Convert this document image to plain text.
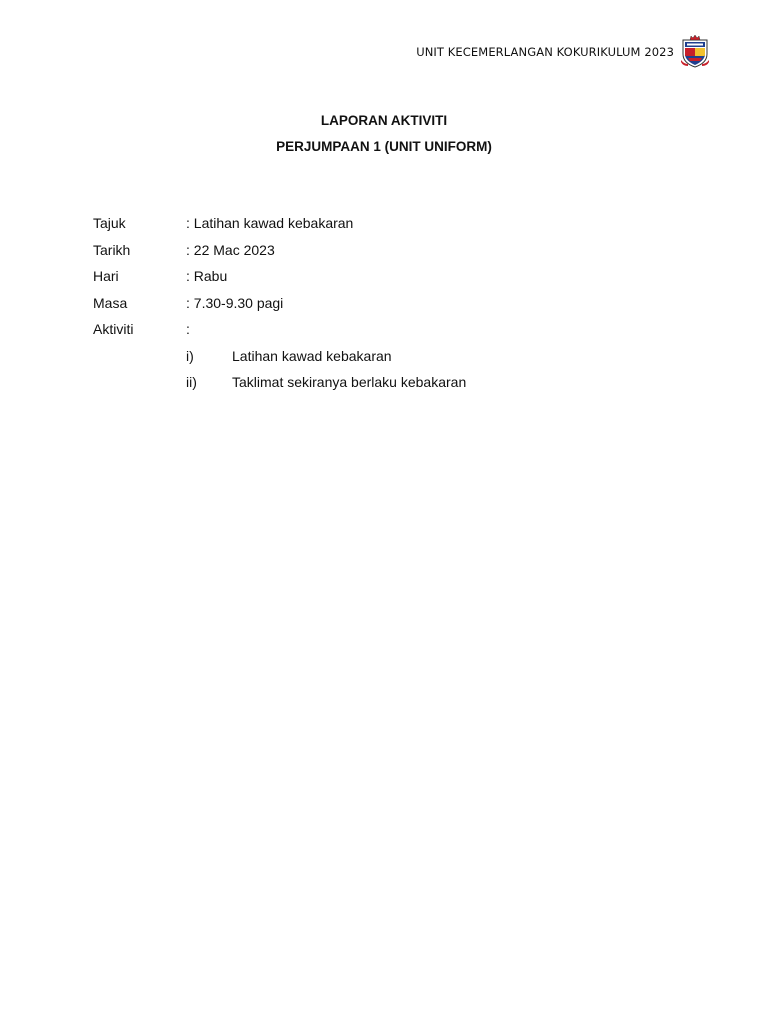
UNIT KECEMERLANGAN KOKURIKULUM 2023

LAPORAN AKTIVITI

PERJUMPAAN 1 (UNIT UNIFORM)

Tajuk	: Latihan kawad kebakaran
Tarikh	: 22 Mac 2023
Hari	: Rabu
Masa	: 7.30-9.30 pagi
Aktiviti	:
i)	Latihan kawad kebakaran
ii)	Taklimat sekiranya berlaku kebakaran
